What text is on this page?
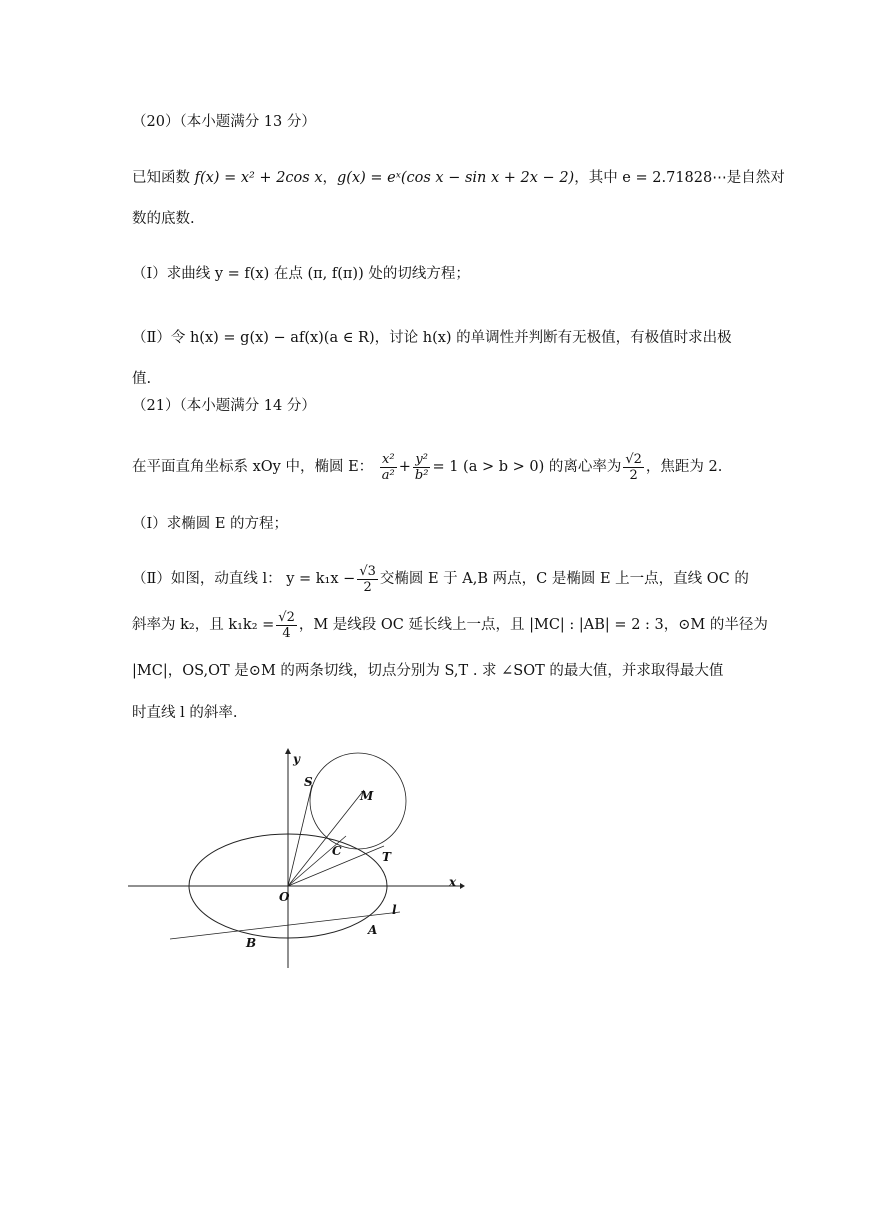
（20）（本小题满分 13 分）
已知函数 f(x) = x² + 2cos x，g(x) = eˣ(cos x − sin x + 2x − 2)，其中 e = 2.71828⋯是自然对
数的底数.
（Ⅰ）求曲线 y = f(x) 在点 (π, f(π)) 处的切线方程；
（Ⅱ）令 h(x) = g(x) − af(x)(a ∈ R)，讨论 h(x) 的单调性并判断有无极值，有极值时求出极
值.
（21）（本小题满分 14 分）
在平面直角坐标系 xOy 中，椭圆 E： $\frac{\text{x²}}{\text{a²}} + \frac{\text{y²}}{\text{b²}} = 1$ (a > b > 0) 的离心率为 $\frac{√2}{2}$ ，焦距为 2.
（Ⅰ）求椭圆 E 的方程；
（Ⅱ）如图，动直线 l： $y = k_1x - \frac{√3}{2}$ 交椭圆 E 于 A,B 两点，C 是椭圆 E 上一点，直线 OC 的
斜率为 k₂，且 $k_1k_2 = \frac{√2}{4}$ ，M 是线段 OC 延长线上一点，且 |MC| : |AB| = 2 : 3，⊙M 的半径为
|MC|，OS,OT 是⊙M 的两条切线，切点分别为 S,T . 求 ∠SOT 的最大值，并求取得最大值
时直线 l 的斜率.
y
x
O
S
M
C	T
l
A
B
